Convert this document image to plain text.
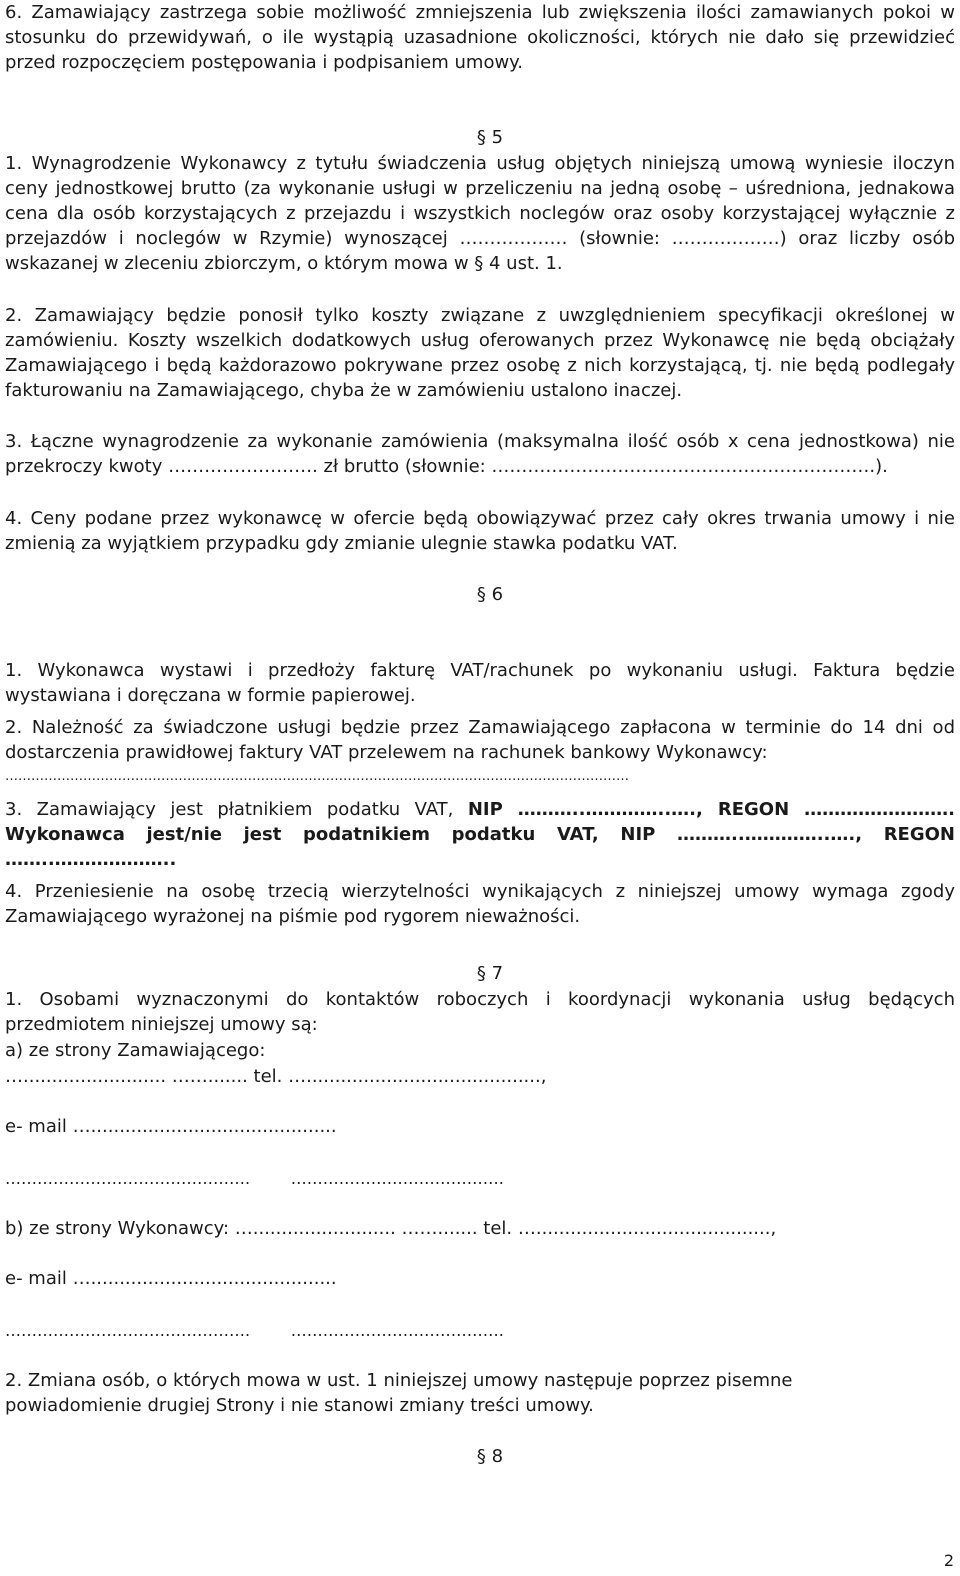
6. Zamawiający zastrzega sobie możliwość zmniejszenia lub zwiększenia ilości zamawianych pokoi w stosunku do przewidywań, o ile wystąpią uzasadnione okoliczności, których nie dało się przewidzieć przed rozpoczęciem postępowania i podpisaniem umowy.

§ 5

1. Wynagrodzenie Wykonawcy z tytułu świadczenia usług objętych niniejszą umową wyniesie iloczyn ceny jednostkowej brutto (za wykonanie usługi w przeliczeniu na jedną osobę – uśredniona, jednakowa cena dla osób korzystających z przejazdu i wszystkich noclegów oraz osoby korzystającej wyłącznie z przejazdów i noclegów w Rzymie) wynoszącej ……………… (słownie: ………………) oraz liczby osób wskazanej w zleceniu zbiorczym, o którym mowa w § 4 ust. 1.

2. Zamawiający będzie ponosił tylko koszty związane z uwzględnieniem specyfikacji określonej w zamówieniu. Koszty wszelkich dodatkowych usług oferowanych przez Wykonawcę nie będą obciążały Zamawiającego i będą każdorazowo pokrywane przez osobę z nich korzystającą, tj. nie będą podlegały fakturowaniu na Zamawiającego, chyba że w zamówieniu ustalono inaczej.

3. Łączne wynagrodzenie za wykonanie zamówienia (maksymalna ilość osób x cena jednostkowa) nie przekroczy kwoty ……………………. zł brutto (słownie: ……………………………………………………….).

4. Ceny podane przez wykonawcę w ofercie będą obowiązywać przez cały okres trwania umowy i nie zmienią za wyjątkiem przypadku gdy zmianie ulegnie stawka podatku VAT.

§ 6

1. Wykonawca wystawi i przedłoży fakturę VAT/rachunek po wykonaniu usługi. Faktura będzie wystawiana i doręczana w formie papierowej.

2. Należność za świadczone usługi będzie przez Zamawiającego zapłacona w terminie do 14 dni od dostarczenia prawidłowej faktury VAT przelewem na rachunek bankowy Wykonawcy:

………………………………………………………………………………………………………………………………

3. Zamawiający jest płatnikiem podatku VAT, NIP ………..…………..…., REGON ……………………. Wykonawca jest/nie jest podatnikiem podatku VAT, NIP ………..…………..…., REGON ……..………………..

4. Przeniesienie na osobę trzecią wierzytelności wynikających z niniejszej umowy wymaga zgody Zamawiającego wyrażonej na piśmie pod rygorem nieważności.

§ 7

1. Osobami wyznaczonymi do kontaktów roboczych i koordynacji wykonania usług będących przedmiotem niniejszej umowy są:

a) ze strony Zamawiającego:

…......................... ……....... tel. ….........................................,

e- mail …...........................................

……………………………………….        ………………………………….

b) ze strony Wykonawcy: …......................... ……....... tel. ….........................................,

e- mail …...........................................

……………………………………….        ………………………………….

2. Zmiana osób, o których mowa w ust. 1 niniejszej umowy następuje poprzez pisemne powiadomienie drugiej Strony i nie stanowi zmiany treści umowy.

§ 8

2
